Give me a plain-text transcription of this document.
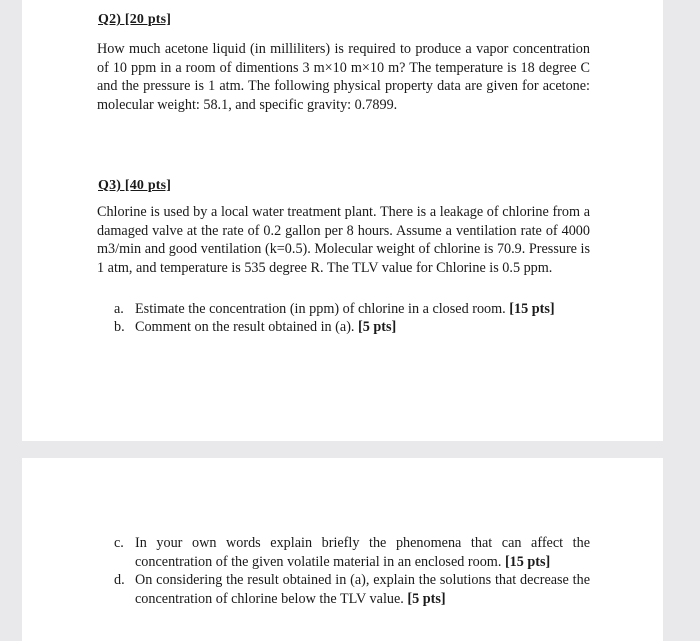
Q2) [20 pts]

How much acetone liquid (in milliliters) is required to produce a vapor concentration of 10 ppm in a room of dimentions 3 m×10 m×10 m? The temperature is 18 degree C and the pressure is 1 atm. The following physical property data are given for acetone: molecular weight: 58.1, and specific gravity: 0.7899.

Q3) [40 pts]

Chlorine is used by a local water treatment plant. There is a leakage of chlorine from a damaged valve at the rate of 0.2 gallon per 8 hours. Assume a ventilation rate of 4000 m3/min and good ventilation (k=0.5). Molecular weight of chlorine is 70.9. Pressure is 1 atm, and temperature is 535 degree R. The TLV value for Chlorine is 0.5 ppm.

a. Estimate the concentration (in ppm) of chlorine in a closed room. [15 pts]
b. Comment on the result obtained in (a). [5 pts]
c. In your own words explain briefly the phenomena that can affect the concentration of the given volatile material in an enclosed room. [15 pts]
d. On considering the result obtained in (a), explain the solutions that decrease the concentration of chlorine below the TLV value. [5 pts]
